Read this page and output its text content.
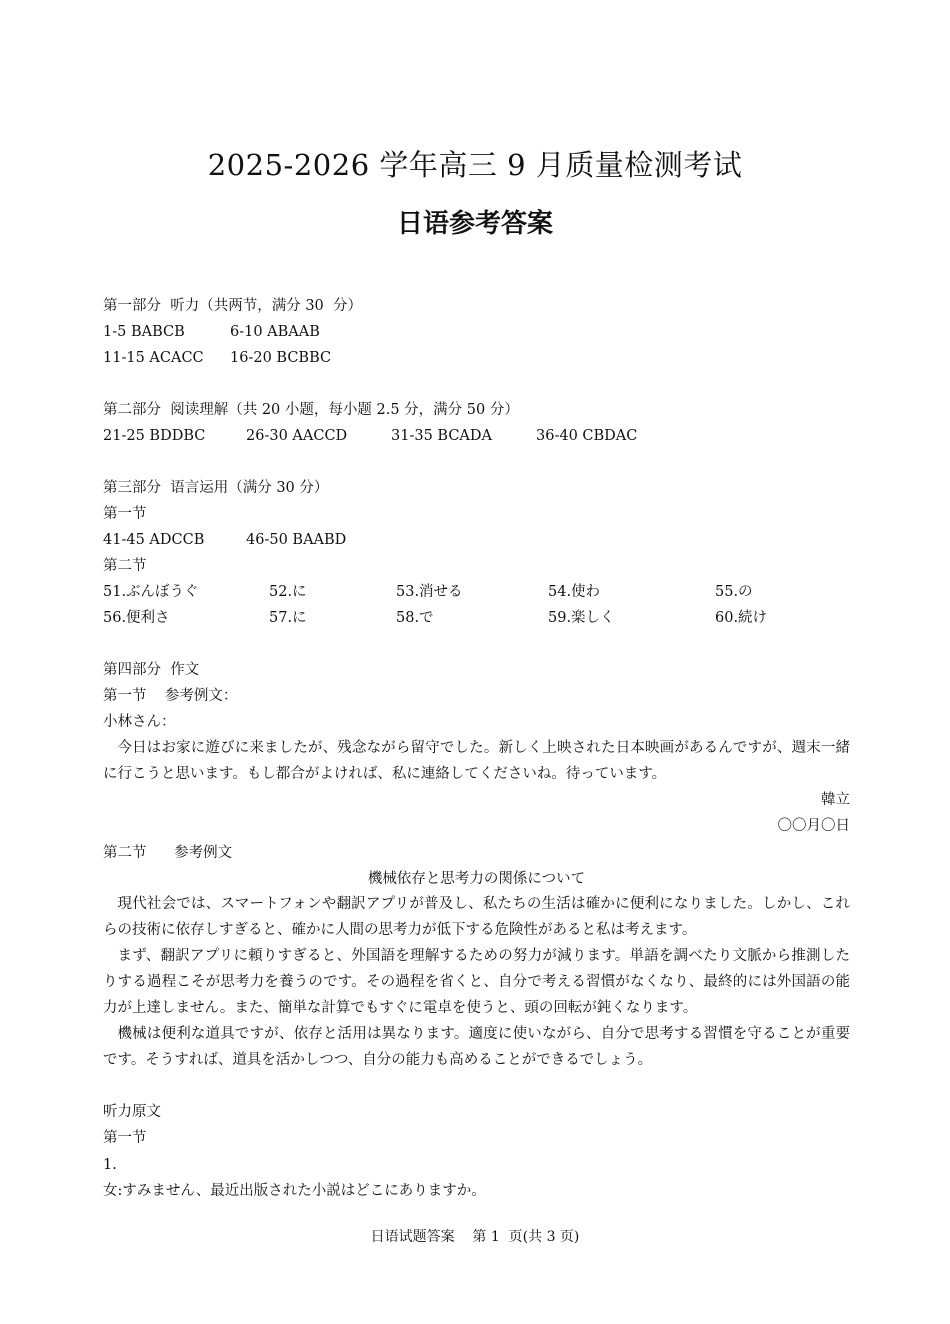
2025-2026 学年高三 9 月质量检测考试
日语参考答案
第一部分  听力（共两节，满分 30  分）
1-5 BABCB	6-10 ABAAB
11-15 ACACC 16-20 BCBBC
第二部分  阅读理解（共 20 小题，每小题 2.5 分，满分 50 分）
21-25 BDDBC	26-30 AACCD	31-35 BCADA	36-40 CBDAC
第三部分  语言运用（满分 30 分）
第一节
41-45 ADCCB	46-50 BAABD
第二节
51.ぶんぼうぐ	52.に	53.消せる	54.使わ	55.の
56.便利さ	57.に	58.で	59.楽しく	60.続け
第四部分  作文
第一节    参考例文：
小林さん：
今日はお家に遊びに来ましたが、残念ながら留守でした。新しく上映された日本映画があるんですが、週末一緒に行こうと思います。もし都合がよければ、私に連絡してくださいね。待っています。
韓立
〇〇月〇日
第二节      参考例文
機械依存と思考力の関係について
現代社会では、スマートフォンや翻訳アプリが普及し、私たちの生活は確かに便利になりました。しかし、これらの技術に依存しすぎると、確かに人間の思考力が低下する危険性があると私は考えます。
まず、翻訳アプリに頼りすぎると、外国語を理解するための努力が減ります。単語を調べたり文脈から推測したりする過程こそが思考力を養うのです。その過程を省くと、自分で考える習慣がなくなり、最終的には外国語の能力が上達しません。また、簡単な計算でもすぐに電卓を使うと、頭の回転が鈍くなります。
機械は便利な道具ですが、依存と活用は異なります。適度に使いながら、自分で思考する習慣を守ることが重要です。そうすれば、道具を活かしつつ、自分の能力も高めることができるでしょう。
听力原文
第一节
1.
女:すみません、最近出版された小説はどこにありますか。
日语试题答案    第 1  页(共 3 页)
